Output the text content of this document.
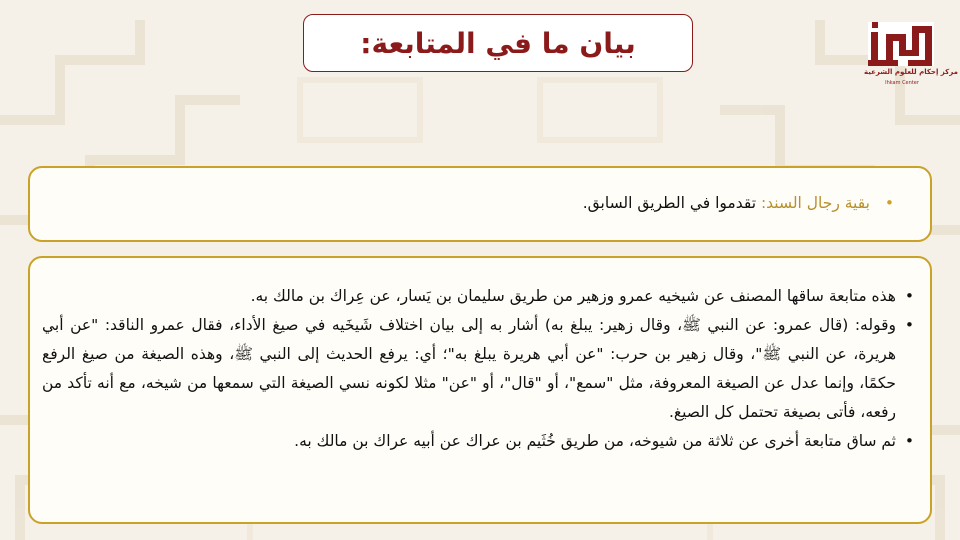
مركز إحكام للعلوم الشرعية
Ihkam Center
بيان ما في المتابعة:
• بقية رجال السند: تقدموا في الطريق السابق.
• هذه متابعة ساقها المصنف عن شيخيه عمرو وزهير من طريق سليمان بن يَسار، عن عِراك بن مالك به.
• وقوله: (قال عمرو: عن النبي ﷺ، وقال زهير: يبلغ به) أشار به إلى بيان اختلاف شَيخَيه في صيغ الأداء، فقال عمرو الناقد: "عن أبي هريرة، عن النبي ﷺ"، وقال زهير بن حرب: "عن أبي هريرة يبلغ به"؛ أي: يرفع الحديث إلى النبي ﷺ، وهذه الصيغة من صيغ الرفع حكمًا، وإنما عدل عن الصيغة المعروفة، مثل "سمع"، أو "قال"، أو "عن" مثلا لكونه نسي الصيغة التي سمعها من شيخه، مع أنه تأكد من رفعه، فأتى بصيغة تحتمل كل الصيغ.
• ثم ساق متابعة أخرى عن ثلاثة من شيوخه، من طريق خُثَيم بن عراك عن أبيه عراك بن مالك به.
